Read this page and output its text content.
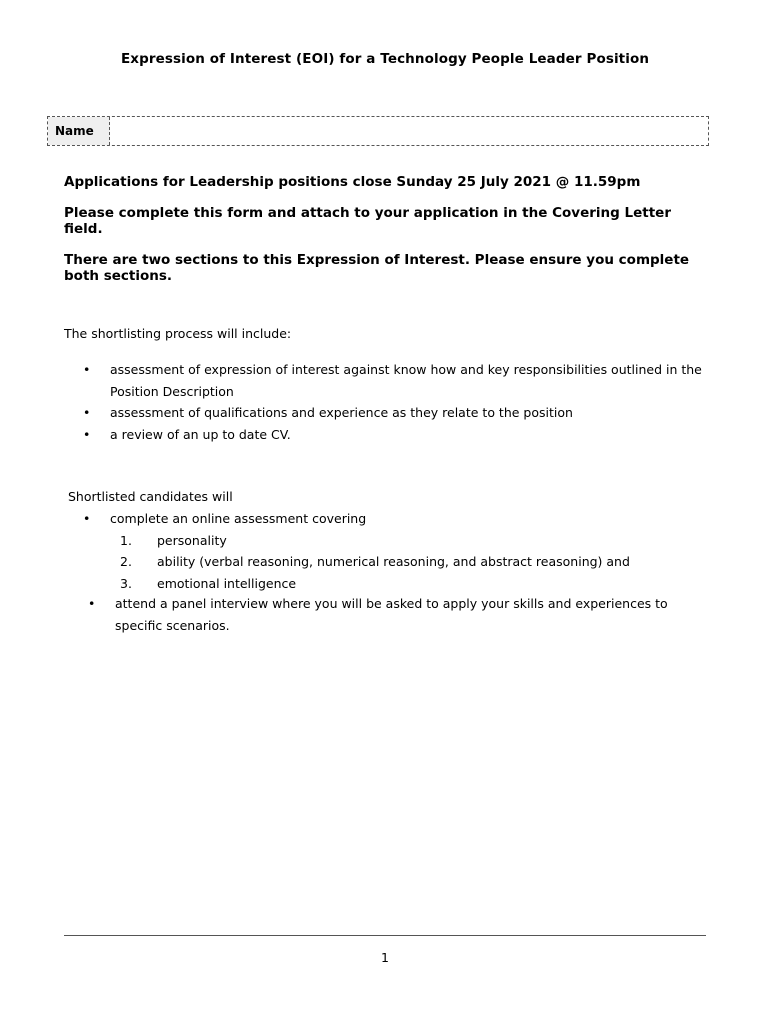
Expression of Interest (EOI) for a Technology People Leader Position
Name
Applications for Leadership positions close Sunday 25 July 2021 @ 11.59pm
Please complete this form and attach to your application in the Covering Letter field.
There are two sections to this Expression of Interest. Please ensure you complete both sections.
The shortlisting process will include:
• assessment of expression of interest against know how and key responsibilities outlined in the Position Description
• assessment of qualifications and experience as they relate to the position
• a review of an up to date CV.
Shortlisted candidates will
• complete an online assessment covering
1. personality
2. ability (verbal reasoning, numerical reasoning, and abstract reasoning) and
3. emotional intelligence
• attend a panel interview where you will be asked to apply your skills and experiences to specific scenarios.
1
